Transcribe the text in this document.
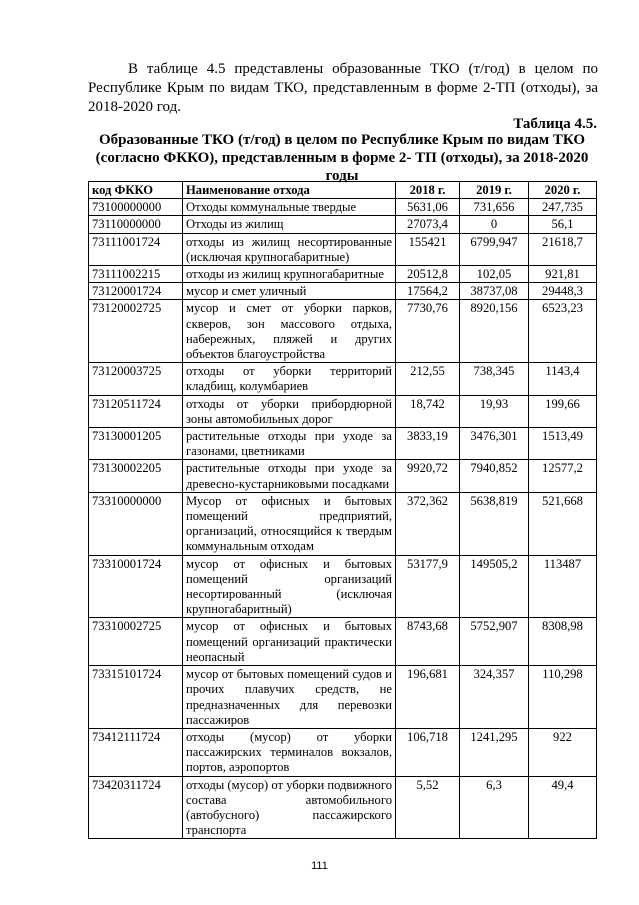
В таблице 4.5 представлены образованные ТКО (т/год) в целом по Республике Крым по видам ТКО, представленным в форме 2-ТП (отходы), за 2018-2020 год.

Таблица 4.5.

Образованные ТКО (т/год) в целом по Республике Крым по видам ТКО (согласно ФККО), представленным в форме 2- ТП (отходы), за 2018-2020 годы

код ФККО	Наименование отхода	2018 г.	2019 г.	2020 г.
73100000000	Отходы коммунальные твердые	5631,06	731,656	247,735
73110000000	Отходы из жилищ	27073,4	0	56,1
73111001724	отходы из жилищ несортированные (исключая крупногабаритные)	155421	6799,947	21618,7
73111002215	отходы из жилищ крупногабаритные	20512,8	102,05	921,81
73120001724	мусор и смет уличный	17564,2	38737,08	29448,3
73120002725	мусор и смет от уборки парков, скверов, зон массового отдыха, набережных, пляжей и других объектов благоустройства	7730,76	8920,156	6523,23
73120003725	отходы от уборки территорий кладбищ, колумбариев	212,55	738,345	1143,4
73120511724	отходы от уборки прибордюрной зоны автомобильных дорог	18,742	19,93	199,66
73130001205	растительные отходы при уходе за газонами, цветниками	3833,19	3476,301	1513,49
73130002205	растительные отходы при уходе за древесно-кустарниковыми посадками	9920,72	7940,852	12577,2
73310000000	Мусор от офисных и бытовых помещений предприятий, организаций, относящийся к твердым коммунальным отходам	372,362	5638,819	521,668
73310001724	мусор от офисных и бытовых помещений организаций несортированный (исключая крупногабаритный)	53177,9	149505,2	113487
73310002725	мусор от офисных и бытовых помещений организаций практически неопасный	8743,68	5752,907	8308,98
73315101724	мусор от бытовых помещений судов и прочих плавучих средств, не предназначенных для перевозки пассажиров	196,681	324,357	110,298
73412111724	отходы (мусор) от уборки пассажирских терминалов вокзалов, портов, аэропортов	106,718	1241,295	922
73420311724	отходы (мусор) от уборки подвижного состава автомобильного (автобусного) пассажирского транспорта	5,52	6,3	49,4
111
